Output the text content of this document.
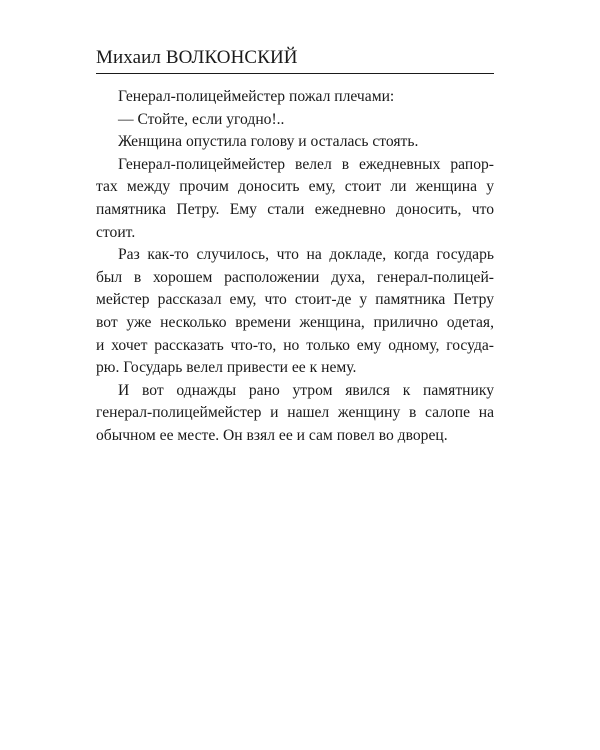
Михаил ВОЛКОНСКИЙ

Генерал-полицеймейстер пожал плечами:

— Стойте, если угодно!..

Женщина опустила голову и осталась стоять.

Генерал-полицеймейстер велел в ежедневных рапор-
тах между прочим доносить ему, стоит ли женщина у
памятника Петру. Ему стали ежедневно доносить, что
стоит.

Раз как-то случилось, что на докладе, когда государь
был в хорошем расположении духа, генерал-полицей-
мейстер рассказал ему, что стоит-де у памятника Петру
вот уже несколько времени женщина, прилично одетая,
и хочет рассказать что-то, но только ему одному, госуда-
рю. Государь велел привести ее к нему.

И вот однажды рано утром явился к памятнику
генерал-полицеймейстер и нашел женщину в салопе на
обычном ее месте. Он взял ее и сам повел во дворец.
